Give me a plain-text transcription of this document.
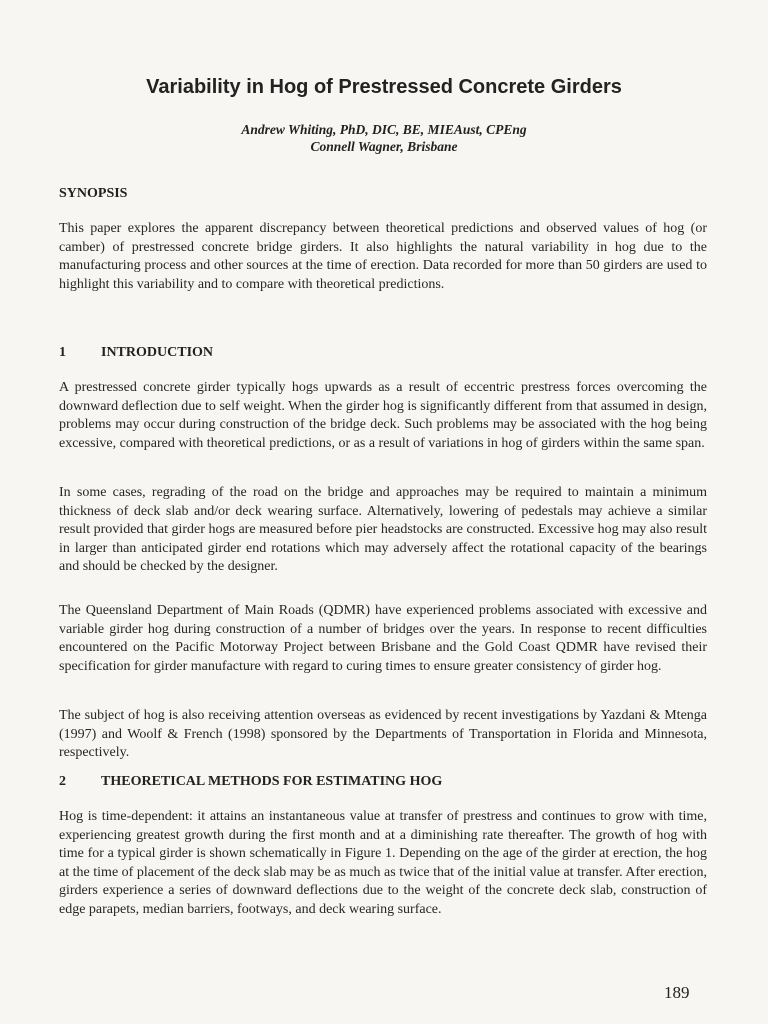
Variability in Hog of Prestressed Concrete Girders
Andrew Whiting, PhD, DIC, BE, MIEAust, CPEng
Connell Wagner, Brisbane
SYNOPSIS

This paper explores the apparent discrepancy between theoretical predictions and observed values of hog (or camber) of prestressed concrete bridge girders. It also highlights the natural variability in hog due to the manufacturing process and other sources at the time of erection. Data recorded for more than 50 girders are used to highlight this variability and to compare with theoretical predictions.

1	INTRODUCTION

A prestressed concrete girder typically hogs upwards as a result of eccentric prestress forces overcoming the downward deflection due to self weight. When the girder hog is significantly different from that assumed in design, problems may occur during construction of the bridge deck. Such problems may be associated with the hog being excessive, compared with theoretical predictions, or as a result of variations in hog of girders within the same span.

In some cases, regrading of the road on the bridge and approaches may be required to maintain a minimum thickness of deck slab and/or deck wearing surface. Alternatively, lowering of pedestals may achieve a similar result provided that girder hogs are measured before pier headstocks are constructed. Excessive hog may also result in larger than anticipated girder end rotations which may adversely affect the rotational capacity of the bearings and should be checked by the designer.

The Queensland Department of Main Roads (QDMR) have experienced problems associated with excessive and variable girder hog during construction of a number of bridges over the years. In response to recent difficulties encountered on the Pacific Motorway Project between Brisbane and the Gold Coast QDMR have revised their specification for girder manufacture with regard to curing times to ensure greater consistency of girder hog.

The subject of hog is also receiving attention overseas as evidenced by recent investigations by Yazdani & Mtenga (1997) and Woolf & French (1998) sponsored by the Departments of Transportation in Florida and Minnesota, respectively.

2	THEORETICAL METHODS FOR ESTIMATING HOG

Hog is time-dependent: it attains an instantaneous value at transfer of prestress and continues to grow with time, experiencing greatest growth during the first month and at a diminishing rate thereafter. The growth of hog with time for a typical girder is shown schematically in Figure 1. Depending on the age of the girder at erection, the hog at the time of placement of the deck slab may be as much as twice that of the initial value at transfer. After erection, girders experience a series of downward deflections due to the weight of the concrete deck slab, construction of edge parapets, median barriers, footways, and deck wearing surface.

189
